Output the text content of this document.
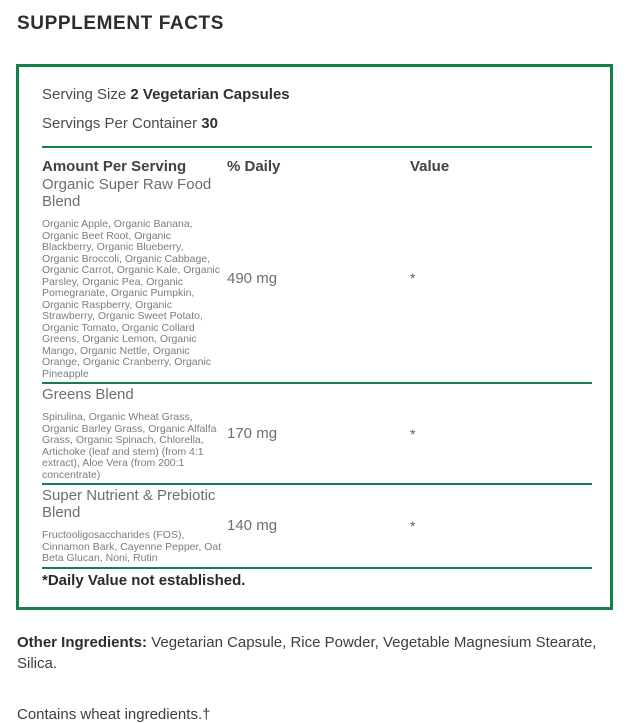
SUPPLEMENT FACTS

Serving Size 2 Vegetarian Capsules

Servings Per Container 30

Amount Per Serving	% Daily	Value
Organic Super Raw Food Blend
Organic Apple, Organic Banana, Organic Beet Root, Organic Blackberry, Organic Blueberry, Organic Broccoli, Organic Cabbage, Organic Carrot, Organic Kale, Organic Parsley, Organic Pea, Organic Pomegranate, Organic Pumpkin, Organic Raspberry, Organic Strawberry, Organic Sweet Potato, Organic Tomato, Organic Collard Greens, Organic Lemon, Organic Mango, Organic Nettle, Organic Orange, Organic Cranberry, Organic Pineapple
490 mg	*
Greens Blend
Spirulina, Organic Wheat Grass, Organic Barley Grass, Organic Alfalfa Grass, Organic Spinach, Chlorella, Artichoke (leaf and stem) (from 4:1 extract), Aloe Vera (from 200:1 concentrate)
170 mg	*
Super Nutrient & Prebiotic Blend
Fructooligosaccharides (FOS), Cinnamon Bark, Cayenne Pepper, Oat Beta Glucan, Noni, Rutin
140 mg	*

*Daily Value not established.

Other Ingredients: Vegetarian Capsule, Rice Powder, Vegetable Magnesium Stearate, Silica.

Contains wheat ingredients.†
